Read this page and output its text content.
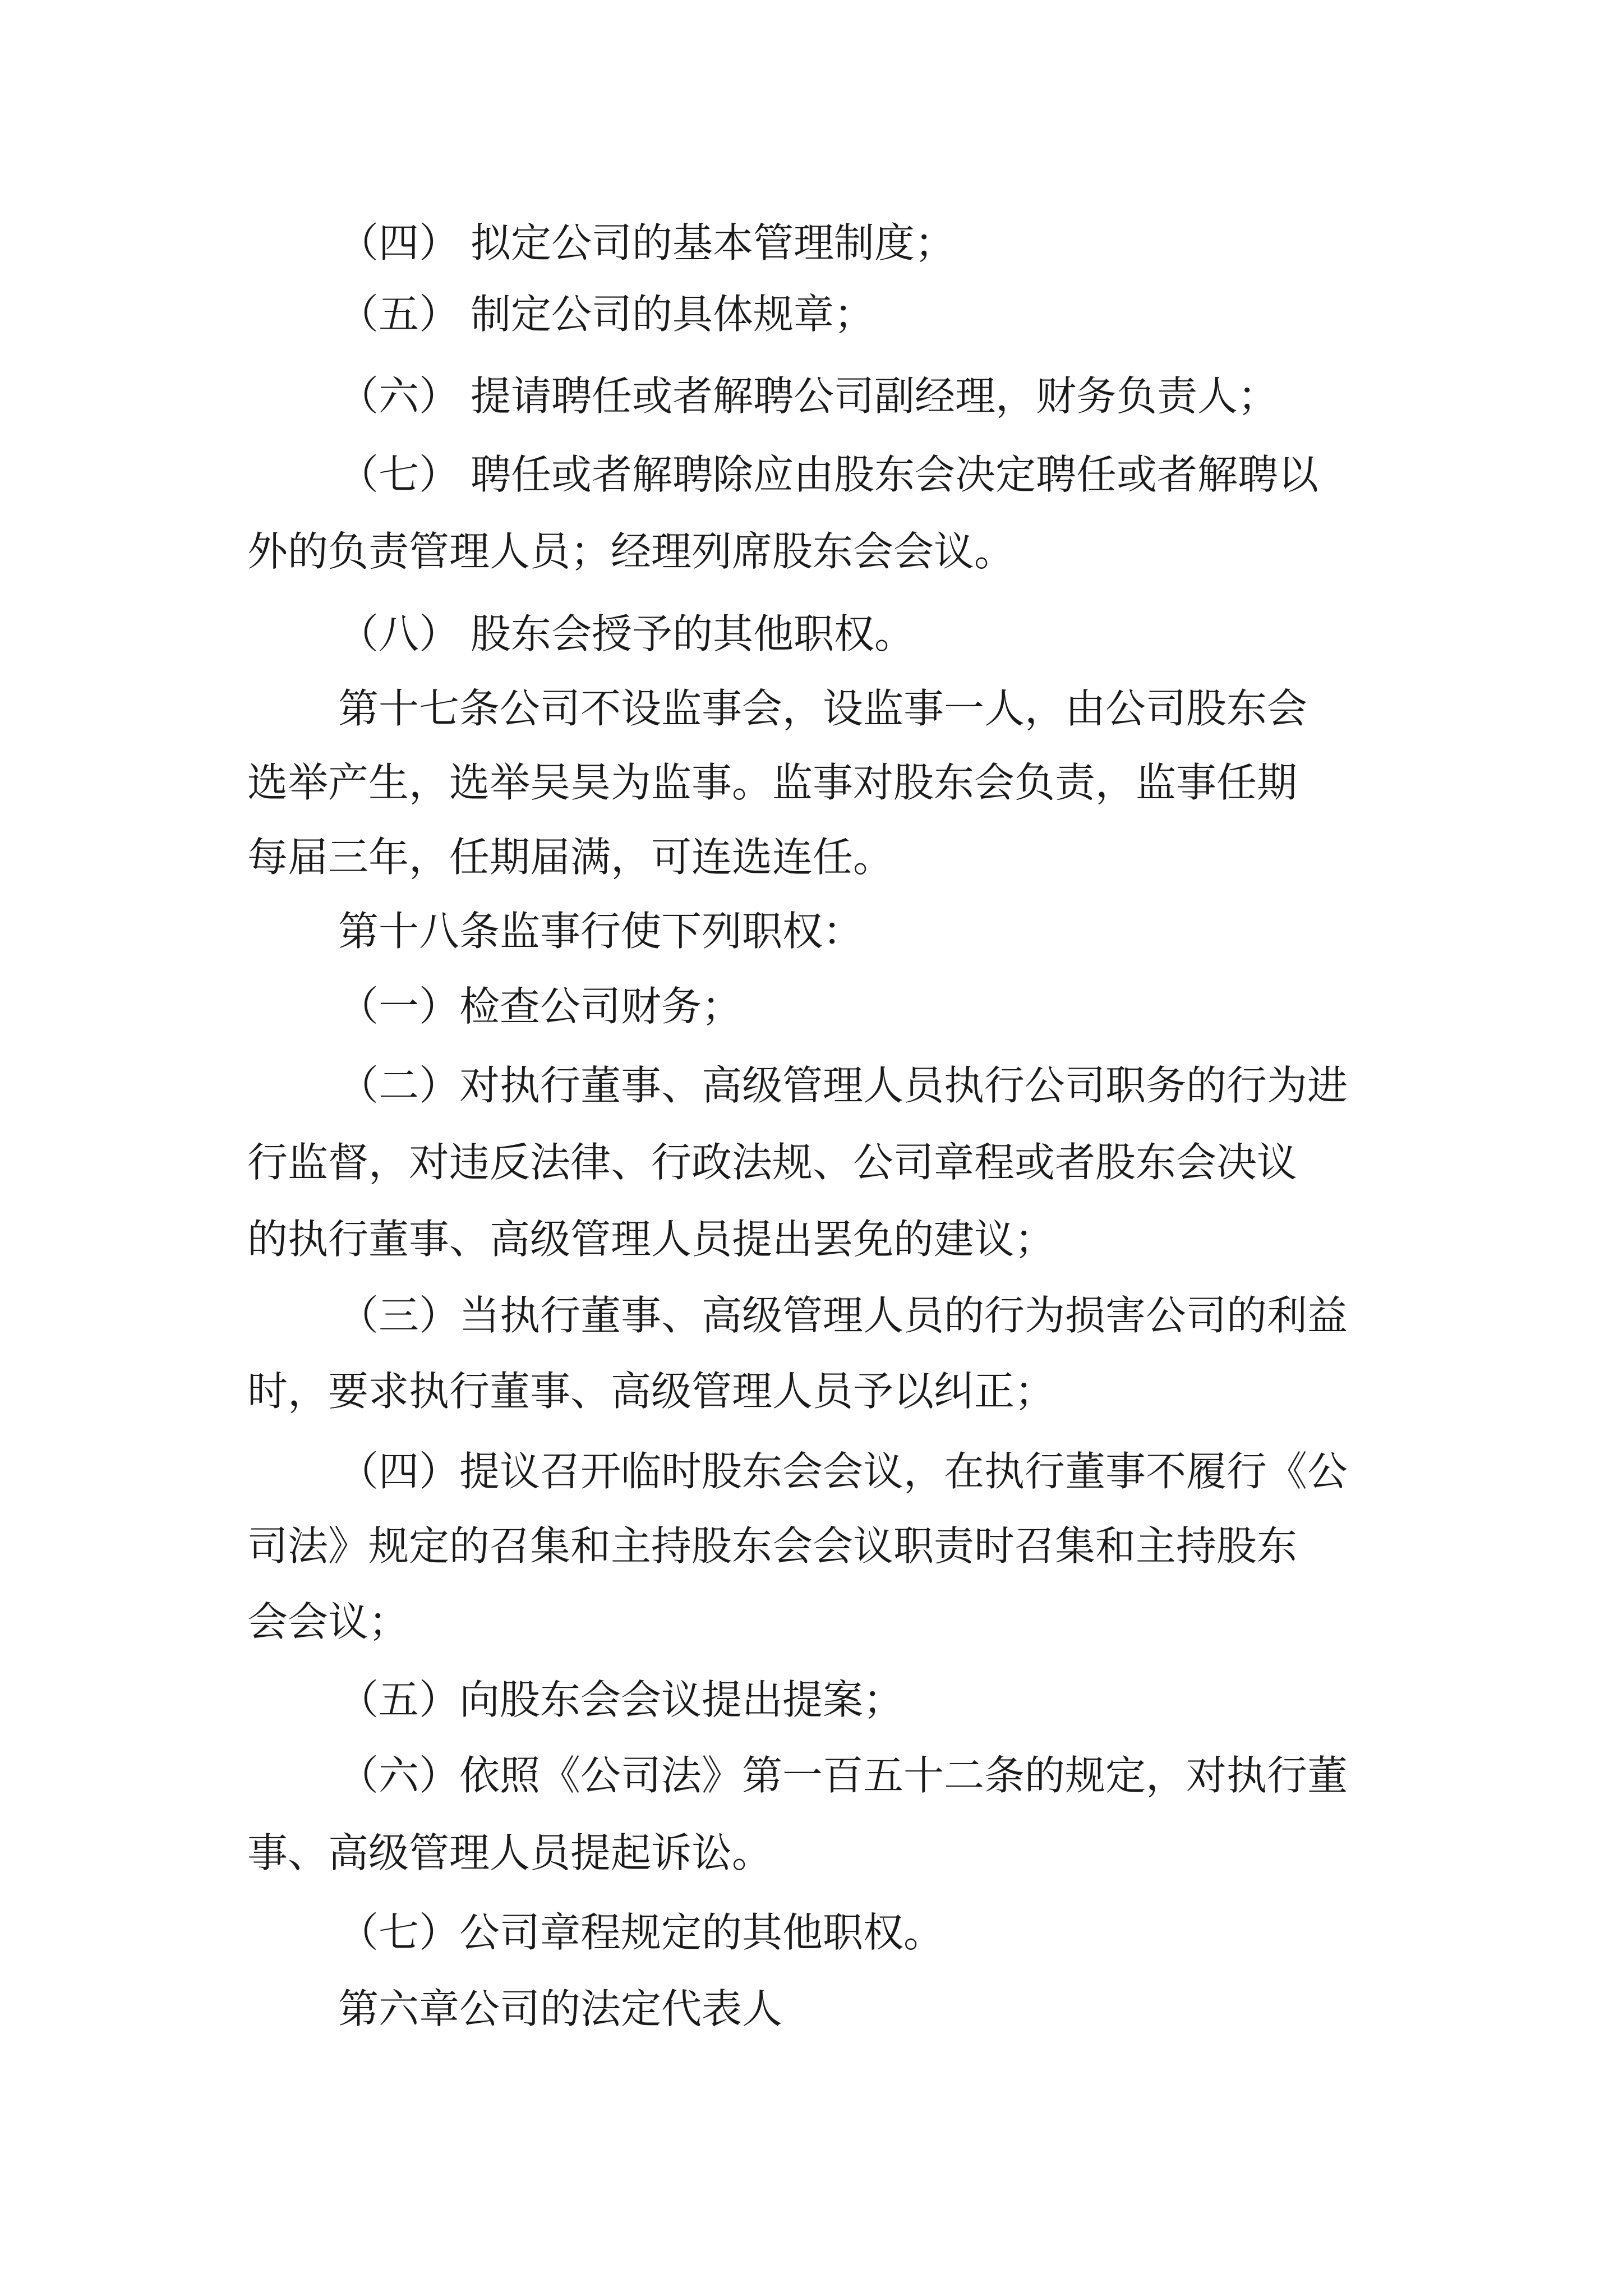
（四） 拟定公司的基本管理制度；
（五） 制定公司的具体规章；
（六） 提请聘任或者解聘公司副经理，财务负责人；
（七） 聘任或者解聘除应由股东会决定聘任或者解聘以
外的负责管理人员；经理列席股东会会议。
（八） 股东会授予的其他职权。
第十七条公司不设监事会，设监事一人，由公司股东会
选举产生，选举吴昊为监事。监事对股东会负责，监事任期
每届三年，任期届满，可连选连任。
第十八条监事行使下列职权：
（一）检查公司财务；
（二）对执行董事、高级管理人员执行公司职务的行为进
行监督，对违反法律、行政法规、公司章程或者股东会决议
的执行董事、高级管理人员提出罢免的建议；
（三）当执行董事、高级管理人员的行为损害公司的利益
时，要求执行董事、高级管理人员予以纠正；
（四）提议召开临时股东会会议，在执行董事不履行《公
司法》规定的召集和主持股东会会议职责时召集和主持股东
会会议；
（五）向股东会会议提出提案；
（六）依照《公司法》第一百五十二条的规定，对执行董
事、高级管理人员提起诉讼。
（七）公司章程规定的其他职权。
第六章公司的法定代表人
